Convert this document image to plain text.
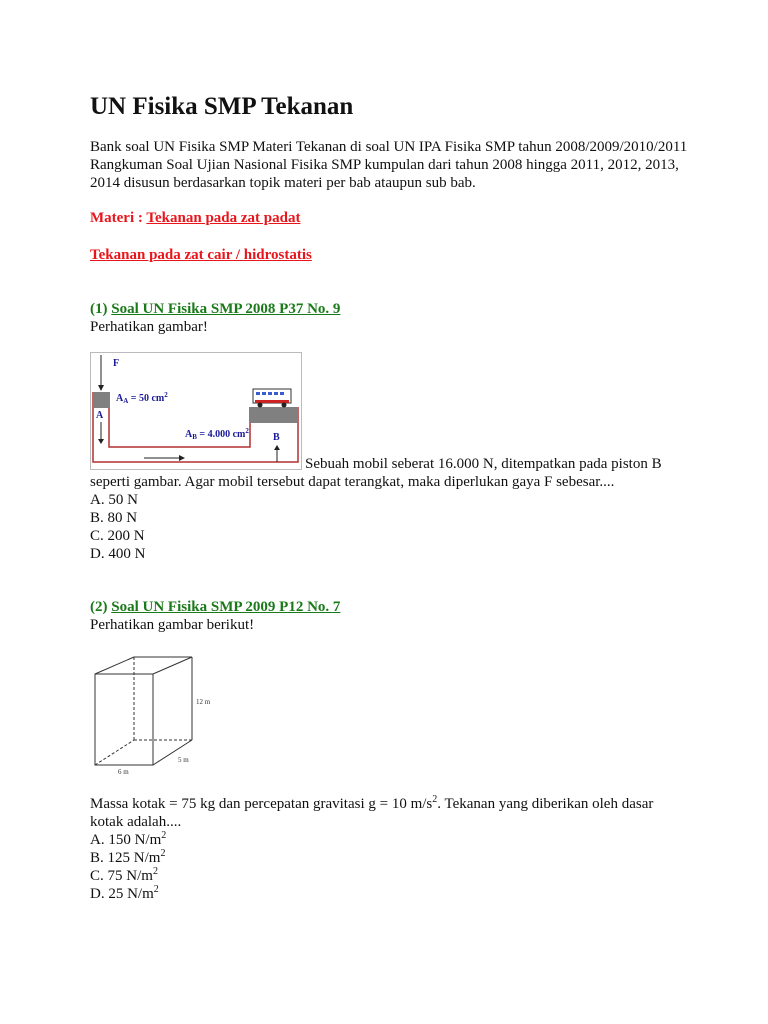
UN Fisika SMP Tekanan

Bank soal UN Fisika SMP Materi Tekanan di soal UN IPA Fisika SMP tahun 2008/2009/2010/2011 Rangkuman Soal Ujian Nasional Fisika SMP kumpulan dari tahun 2008 hingga 2011, 2012, 2013, 2014 disusun berdasarkan topik materi per bab ataupun sub bab.

Materi : Tekanan pada zat padat

Tekanan pada zat cair / hidrostatis

(1) Soal UN Fisika SMP 2008 P37 No. 9

Perhatikan gambar!

F
A
$A_A = 50$ $cm^2$
$A_B = 4.000$ $cm^2$
B

Sebuah mobil seberat 16.000 N, ditempatkan pada piston B

seperti gambar. Agar mobil tersebut dapat terangkat, maka diperlukan gaya F sebesar....

A. 50 N

B. 80 N

C. 200 N

D. 400 N

(2) Soal UN Fisika SMP 2009 P12 No. 7

Perhatikan gambar berikut!

12 m
5 m
6 m

Massa kotak = 75 kg dan percepatan gravitasi g = 10 $m/s^2$. Tekanan yang diberikan oleh dasar

kotak adalah....

A. 150 $N/m^2$

B. 125 $N/m^2$

C. 75 $N/m^2$

D. 25 $N/m^2$
